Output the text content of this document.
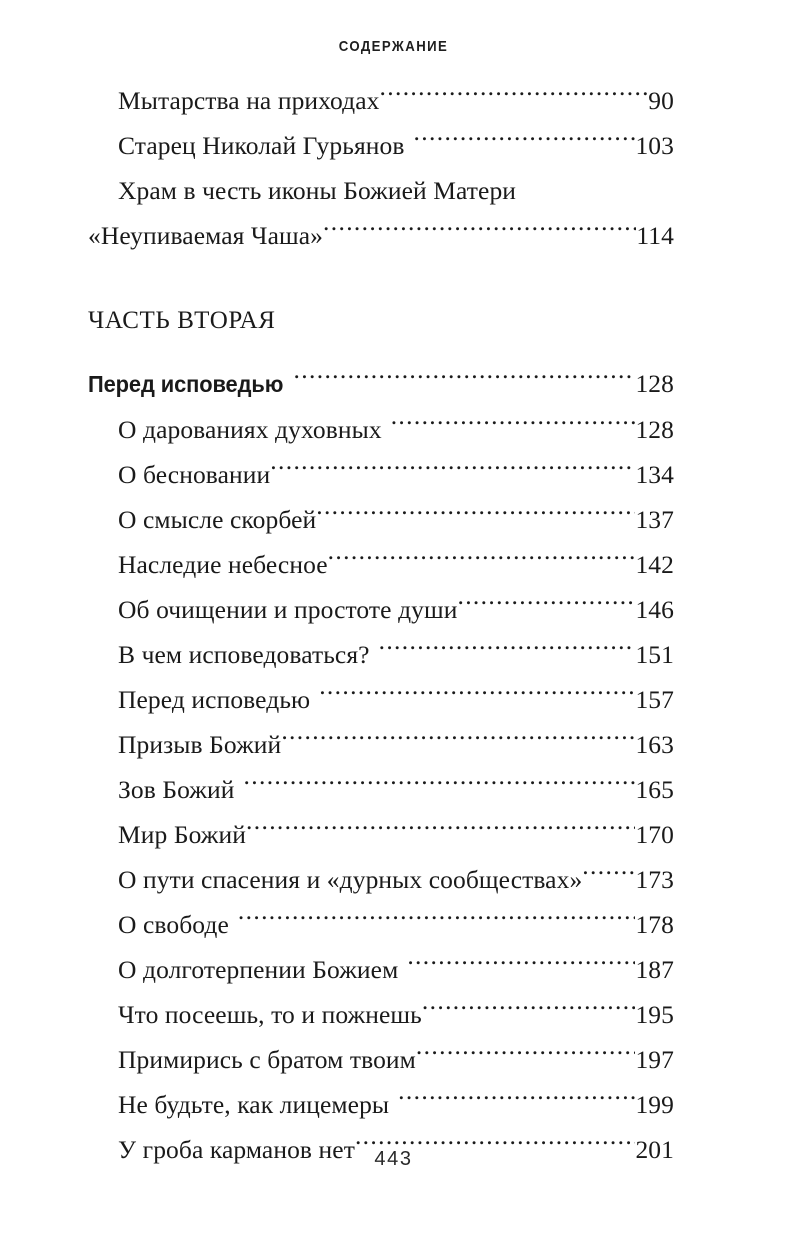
СОДЕРЖАНИЕ
Мытарства на приходах .....	90
Старец Николай Гурьянов .....	103
Храм в честь иконы Божией Матери
«Неупиваемая Чаша» .....	114
ЧАСТЬ ВТОРАЯ
Перед исповедью .....	128
О дарованиях духовных .....	128
О бесновании .....	134
О смысле скорбей .....	137
Наследие небесное .....	142
Об очищении и простоте души .....	146
В чем исповедоваться? .....	151
Перед исповедью .....	157
Призыв Божий .....	163
Зов Божий .....	165
Мир Божий .....	170
О пути спасения и «дурных сообществах» ..... 173
О свободе .....	178
О долготерпении Божием .....	187
Что посеешь, то и пожнешь .....	195
Примирись с братом твоим .....	197
Не будьте, как лицемеры .....	199
У гроба карманов нет .....	201
443
